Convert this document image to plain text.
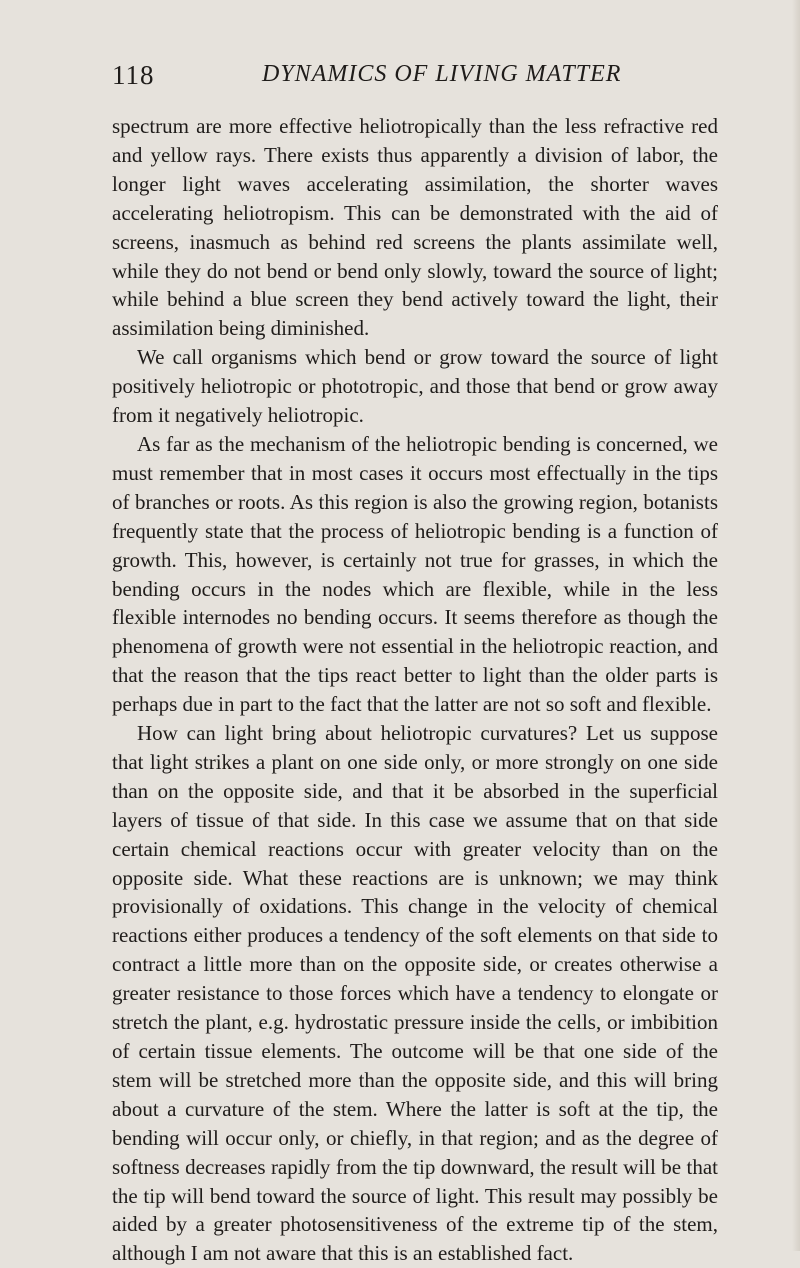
118	DYNAMICS OF LIVING MATTER

spectrum are more effective heliotropically than the less refractive red and yellow rays. There exists thus apparently a division of labor, the longer light waves accelerating assimilation, the shorter waves accelerating heliotropism. This can be demonstrated with the aid of screens, inasmuch as behind red screens the plants assimilate well, while they do not bend or bend only slowly, toward the source of light; while behind a blue screen they bend actively toward the light, their assimilation being diminished.

We call organisms which bend or grow toward the source of light positively heliotropic or phototropic, and those that bend or grow away from it negatively heliotropic.

As far as the mechanism of the heliotropic bending is concerned, we must remember that in most cases it occurs most effectually in the tips of branches or roots. As this region is also the growing region, botanists frequently state that the process of heliotropic bending is a function of growth. This, however, is certainly not true for grasses, in which the bending occurs in the nodes which are flexible, while in the less flexible internodes no bending occurs. It seems therefore as though the phenomena of growth were not essential in the heliotropic reaction, and that the reason that the tips react better to light than the older parts is perhaps due in part to the fact that the latter are not so soft and flexible.

How can light bring about heliotropic curvatures? Let us suppose that light strikes a plant on one side only, or more strongly on one side than on the opposite side, and that it be absorbed in the superficial layers of tissue of that side. In this case we assume that on that side certain chemical reactions occur with greater velocity than on the opposite side. What these reactions are is unknown; we may think provisionally of oxidations. This change in the velocity of chemical reactions either produces a tendency of the soft elements on that side to contract a little more than on the opposite side, or creates otherwise a greater resistance to those forces which have a tendency to elongate or stretch the plant, e.g. hydrostatic pressure inside the cells, or imbibition of certain tissue elements. The outcome will be that one side of the stem will be stretched more than the opposite side, and this will bring about a curvature of the stem. Where the latter is soft at the tip, the bending will occur only, or chiefly, in that region; and as the degree of softness decreases rapidly from the tip downward, the result will be that the tip will bend toward the source of light. This result may possibly be aided by a greater photosensitiveness of the extreme tip of the stem, although I am not aware that this is an established fact.
